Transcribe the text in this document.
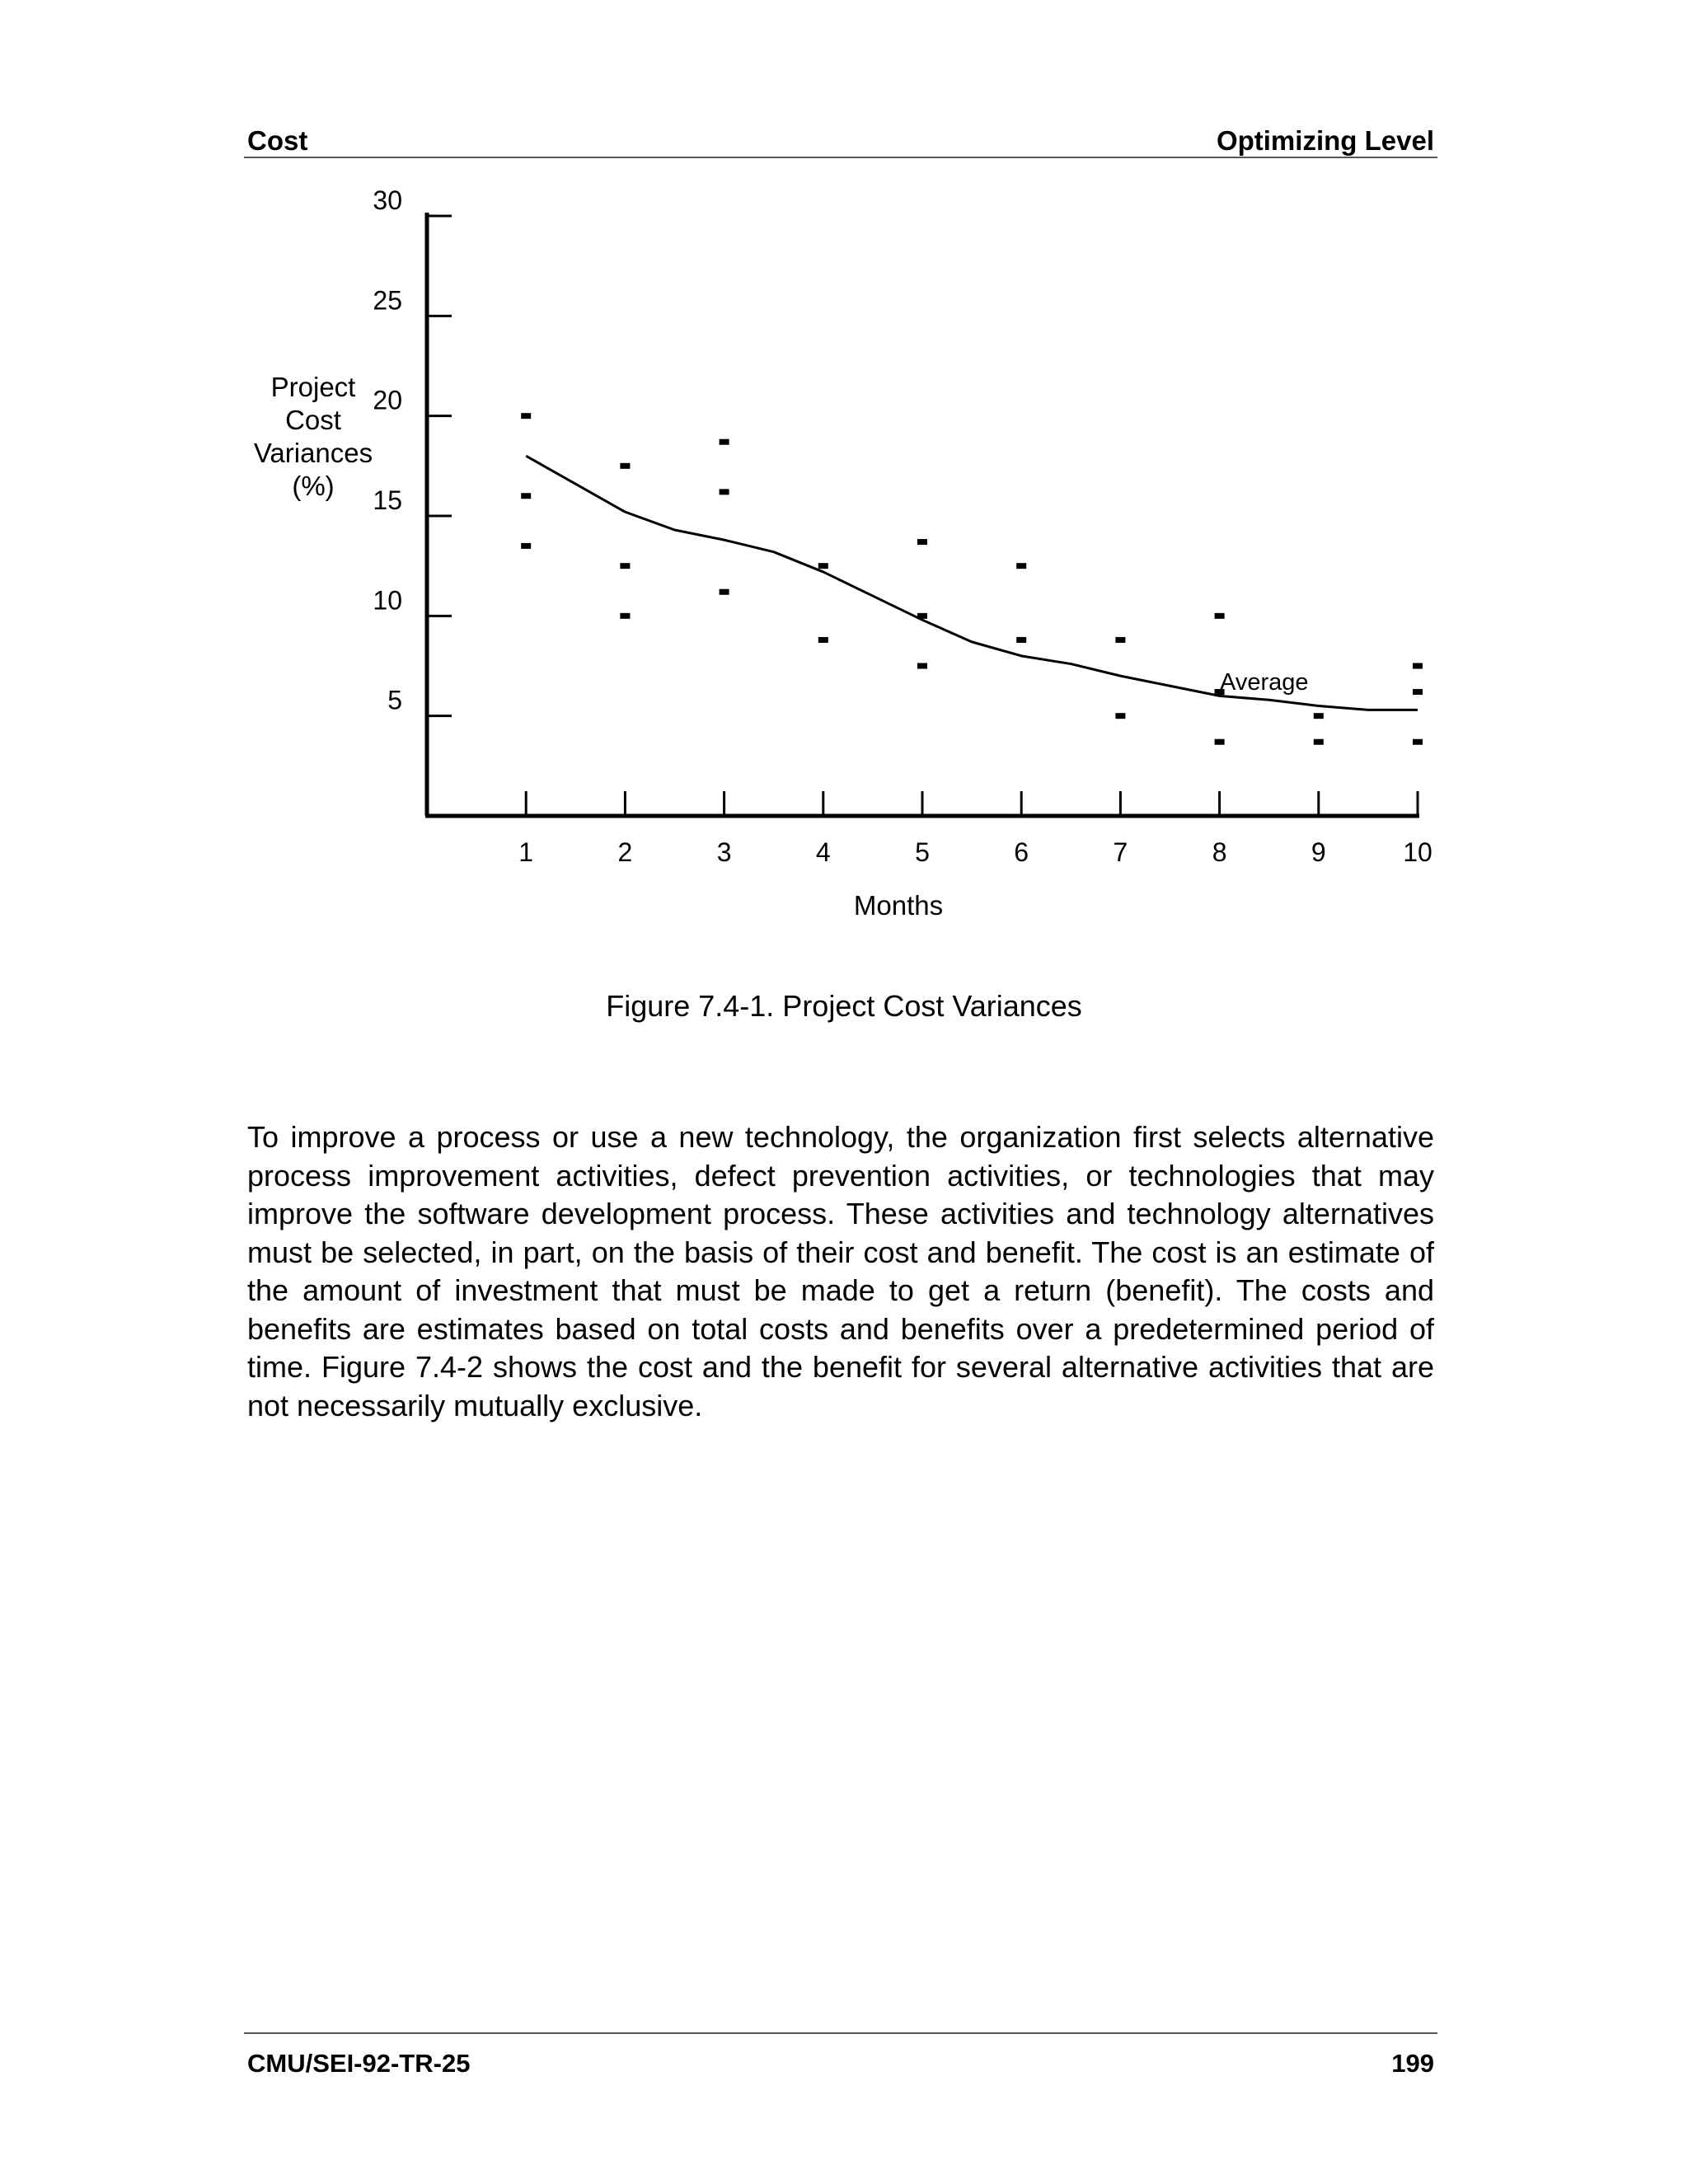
Cost	Optimizing Level
5
10
15
20
25
30
1	2	3	4	5	6	7	8	9	10
Project
Cost
Variances
(%)
Months
Average
Figure 7.4-1. Project Cost Variances
To improve a process or use a new technology, the organization first selects alternative process improvement activities, defect prevention activities, or technologies that may improve the software development process. These activities and technology alternatives must be selected, in part, on the basis of their cost and benefit. The cost is an estimate of the amount of investment that must be made to get a return (benefit). The costs and benefits are estimates based on total costs and benefits over a predetermined period of time. Figure 7.4-2 shows the cost and the benefit for several alternative activities that are not necessarily mutually exclusive.
CMU/SEI-92-TR-25	199
